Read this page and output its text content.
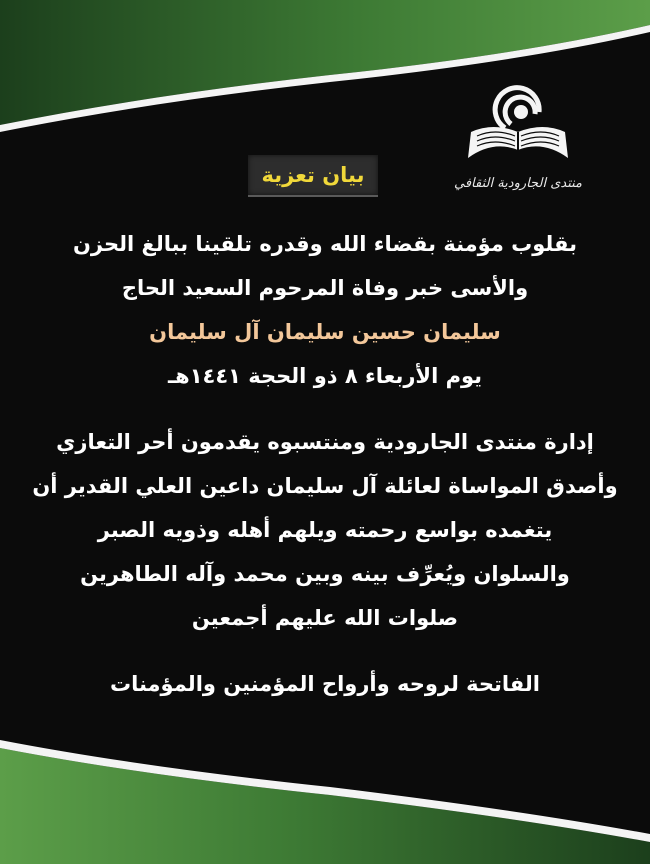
منتدى الجارودية الثقافي
بيان تعزية
بقلوب مؤمنة بقضاء الله وقدره تلقينا ببالغ الحزن
والأسى خبر وفاة المرحوم السعيد الحاج
سليمان حسين سليمان آل سليمان
يوم الأربعاء ٨ ذو الحجة ١٤٤١هـ
إدارة منتدى الجارودية ومنتسبوه يقدمون أحر التعازي
وأصدق المواساة لعائلة آل سليمان داعين العلي القدير أن
يتغمده بواسع رحمته ويلهم أهله وذويه الصبر
والسلوان ويُعرِّف بينه وبين محمد وآله الطاهرين
صلوات الله عليهم أجمعين
الفاتحة لروحه وأرواح المؤمنين والمؤمنات
